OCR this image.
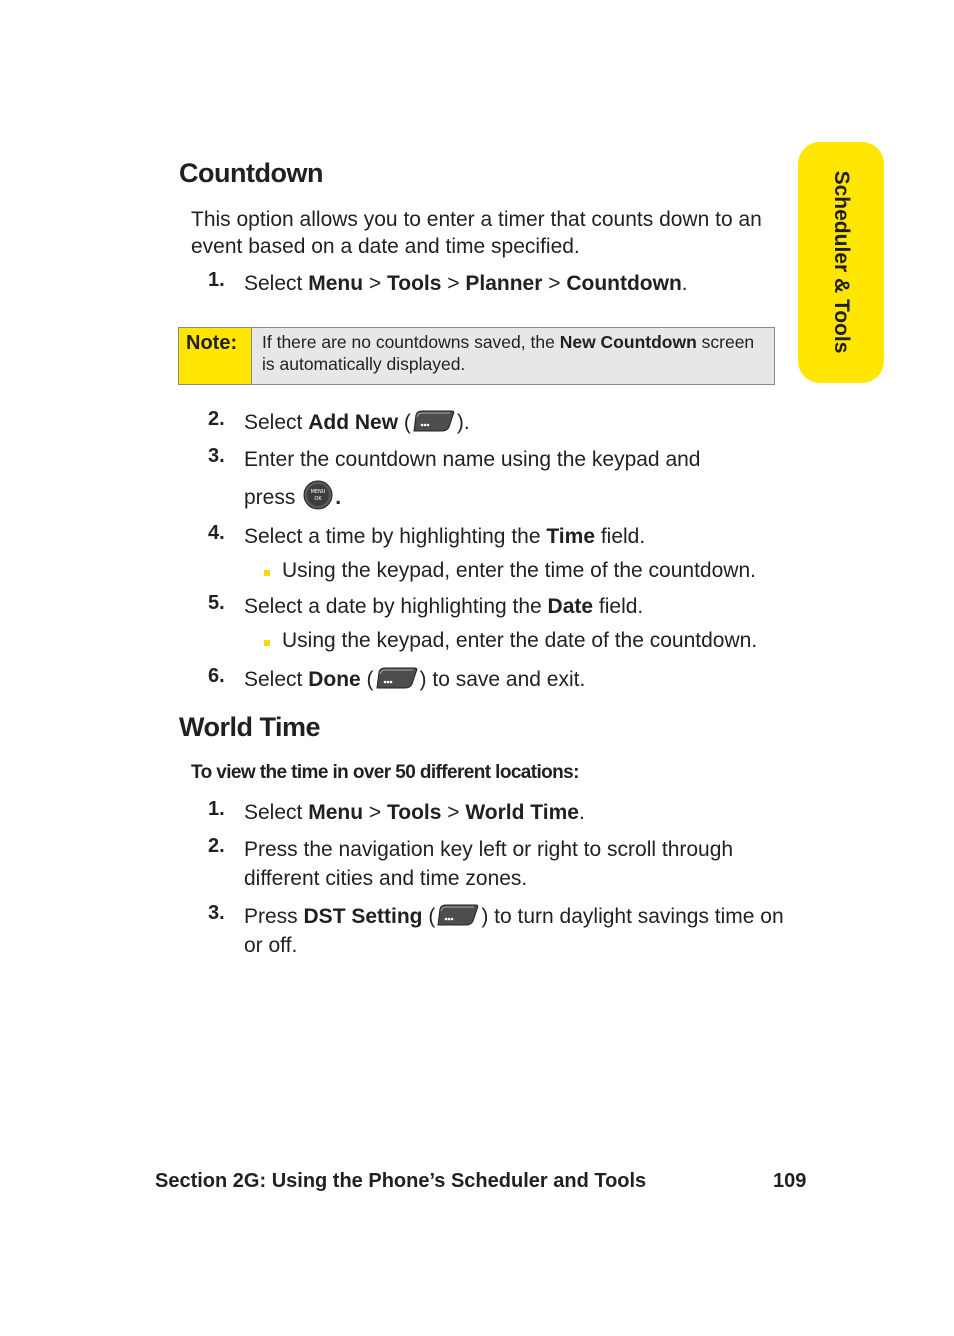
Scheduler & Tools
Countdown
This option allows you to enter a timer that counts down to an event based on a date and time specified.
1. Select Menu > Tools > Planner > Countdown.
Note: If there are no countdowns saved, the New Countdown screen is automatically displayed.
2. Select Add New ( ).
3. Enter the countdown name using the keypad and
press	MENU
OK .
4. Select a time by highlighting the Time field.
Using the keypad, enter the time of the countdown.
5. Select a date by highlighting the Date field.
Using the keypad, enter the date of the countdown.
6. Select Done ( ) to save and exit.
World Time
To view the time in over 50 different locations:
1. Select Menu > Tools > World Time.
2. Press the navigation key left or right to scroll through different cities and time zones.
3. Press DST Setting ( ) to turn daylight savings time on or off.
Section 2G: Using the Phone’s Scheduler and Tools	109
